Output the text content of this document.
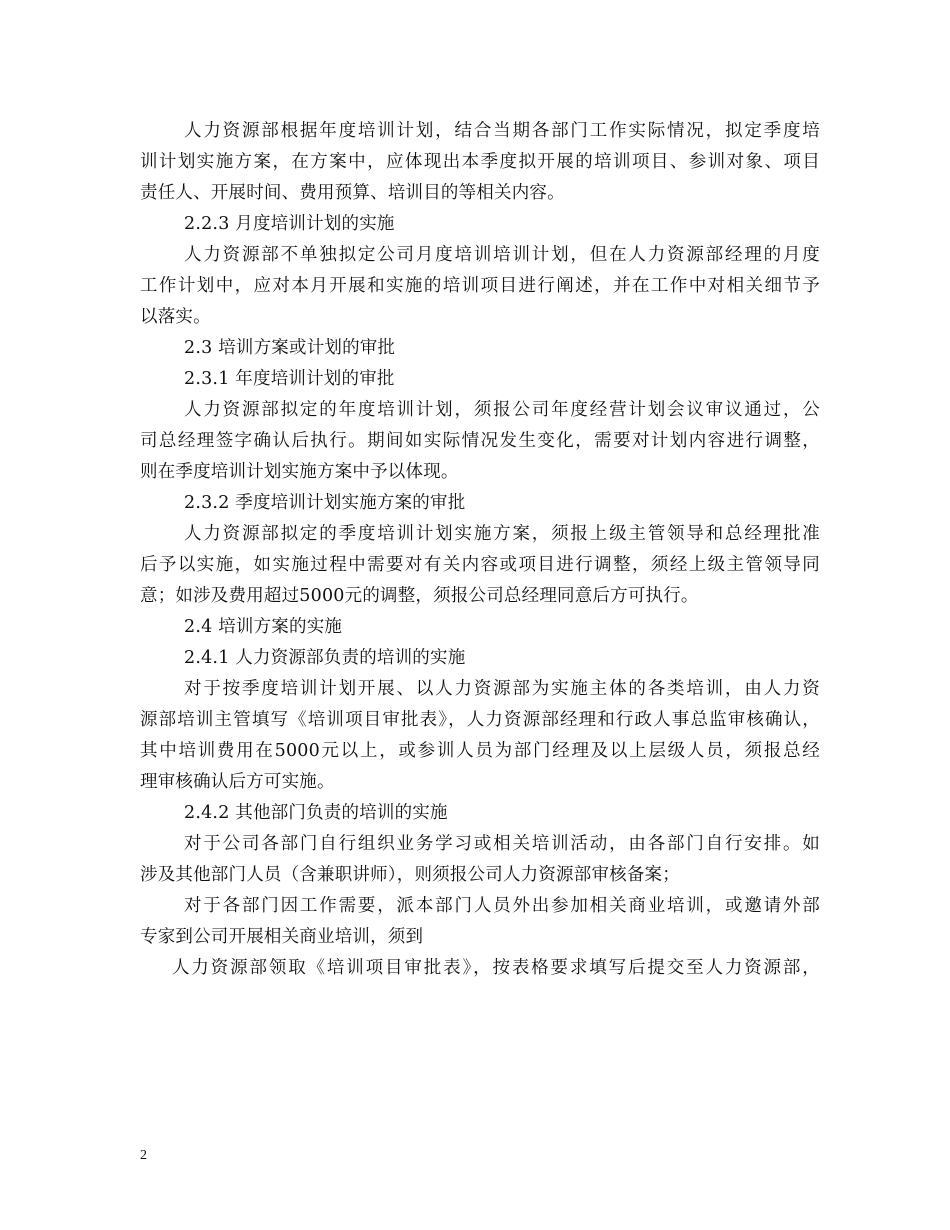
人力资源部根据年度培训计划，结合当期各部门工作实际情况，拟定季度培
训计划实施方案，在方案中，应体现出本季度拟开展的培训项目、参训对象、项目
责任人、开展时间、费用预算、培训目的等相关内容。
2.2.3 月度培训计划的实施
人力资源部不单独拟定公司月度培训培训计划，但在人力资源部经理的月度
工作计划中，应对本月开展和实施的培训项目进行阐述，并在工作中对相关细节予
以落实。
2.3 培训方案或计划的审批
2.3.1 年度培训计划的审批
人力资源部拟定的年度培训计划，须报公司年度经营计划会议审议通过，公
司总经理签字确认后执行。期间如实际情况发生变化，需要对计划内容进行调整，
则在季度培训计划实施方案中予以体现。
2.3.2 季度培训计划实施方案的审批
人力资源部拟定的季度培训计划实施方案，须报上级主管领导和总经理批准
后予以实施，如实施过程中需要对有关内容或项目进行调整，须经上级主管领导同
意；如涉及费用超过5000元的调整，须报公司总经理同意后方可执行。
2.4 培训方案的实施
2.4.1 人力资源部负责的培训的实施
对于按季度培训计划开展、以人力资源部为实施主体的各类培训，由人力资
源部培训主管填写《培训项目审批表》，人力资源部经理和行政人事总监审核确认，
其中培训费用在5000元以上，或参训人员为部门经理及以上层级人员，须报总经
理审核确认后方可实施。
2.4.2 其他部门负责的培训的实施
对于公司各部门自行组织业务学习或相关培训活动，由各部门自行安排。如
涉及其他部门人员（含兼职讲师），则须报公司人力资源部审核备案；
对于各部门因工作需要，派本部门人员外出参加相关商业培训，或邀请外部
专家到公司开展相关商业培训，须到
人力资源部领取《培训项目审批表》，按表格要求填写后提交至人力资源部，
2
